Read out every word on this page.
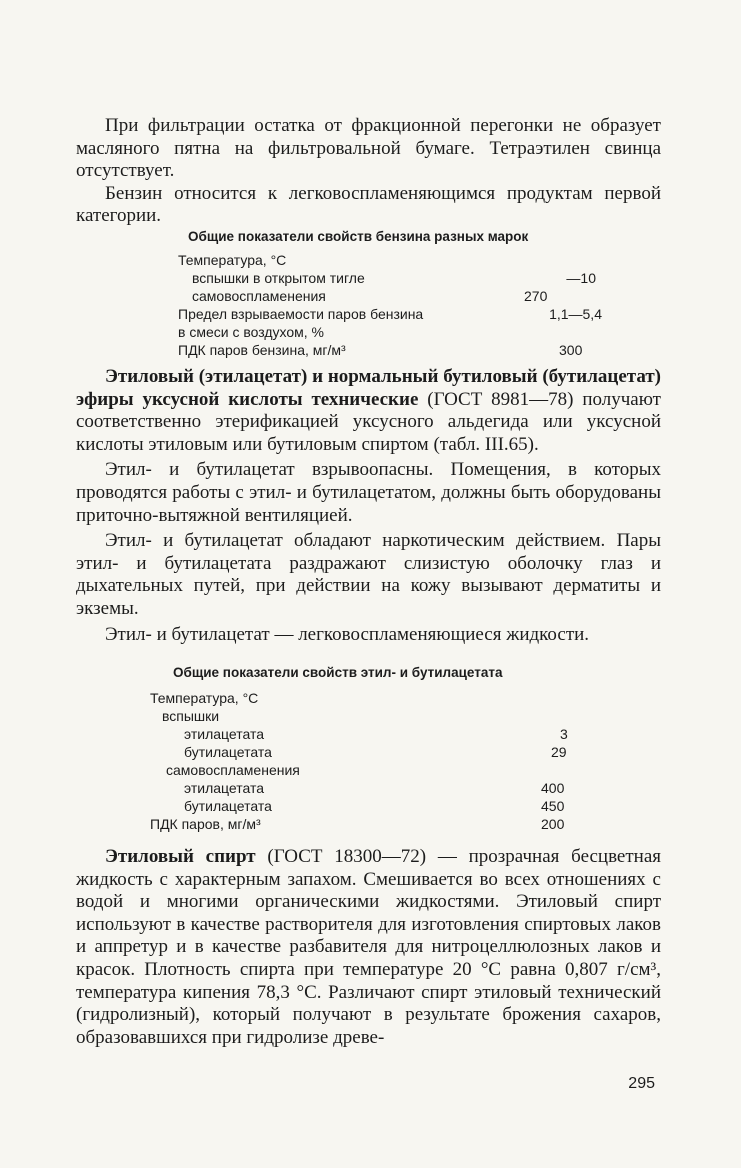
При фильтрации остатка от фракционной перегонки не образует масляного пятна на фильтровальной бумаге. Тетраэтилен свинца отсутствует.

Бензин относится к легковоспламеняющимся продуктам первой категории.

Общие показатели свойств бензина разных марок
Температура, °С
вспышки в открытом тигле	—10
самовоспламенения	270
Предел взрываемости паров бензина	1,1—5,4
в смеси с воздухом, %
ПДК паров бензина, мг/м³	300

Этиловый (этилацетат) и нормальный бутиловый (бутилацетат) эфиры уксусной кислоты технические (ГОСТ 8981—78) получают соответственно этерификацией уксусного альдегида или уксусной кислоты этиловым или бутиловым спиртом (табл. III.65).

Этил- и бутилацетат взрывоопасны. Помещения, в которых проводятся работы с этил- и бутилацетатом, должны быть оборудованы приточно-вытяжной вентиляцией.

Этил- и бутилацетат обладают наркотическим действием. Пары этил- и бутилацетата раздражают слизистую оболочку глаз и дыхательных путей, при действии на кожу вызывают дерматиты и экземы.

Этил- и бутилацетат — легковоспламеняющиеся жидкости.

Общие показатели свойств этил- и бутилацетата
Температура, °С
вспышки
этилацетата	3
бутилацетата	29
самовоспламенения
этилацетата	400
бутилацетата	450
ПДК паров, мг/м³	200

Этиловый спирт (ГОСТ 18300—72) — прозрачная бесцветная жидкость с характерным запахом. Смешивается во всех отношениях с водой и многими органическими жидкостями. Этиловый спирт используют в качестве растворителя для изготовления спиртовых лаков и аппретур и в качестве разбавителя для нитроцеллюлозных лаков и красок. Плотность спирта при температуре 20 °С равна 0,807 г/см³, температура кипения 78,3 °С. Различают спирт этиловый технический (гидролизный), который получают в результате брожения сахаров, образовавшихся при гидролизе древе-

295
